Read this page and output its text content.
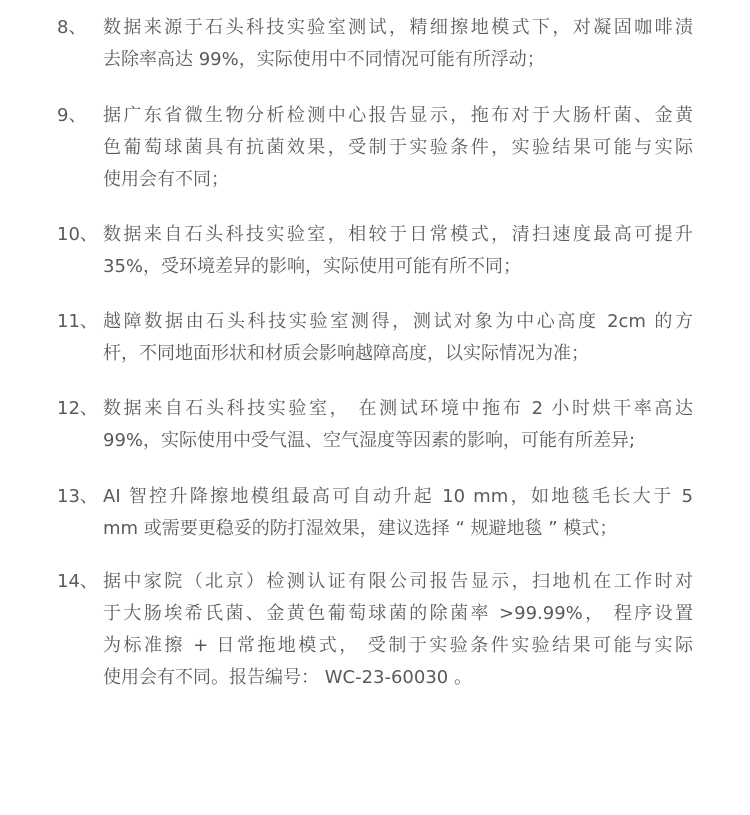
8、 数据来源于石头科技实验室测试，精细擦地模式下，对凝固咖啡渍
去除率高达 99%，实际使用中不同情况可能有所浮动；
9、 据广东省微生物分析检测中心报告显示，拖布对于大肠杆菌、金黄
色葡萄球菌具有抗菌效果，受制于实验条件，实验结果可能与实际
使用会有不同；
10、 数据来自石头科技实验室，相较于日常模式，清扫速度最高可提升
35%，受环境差异的影响，实际使用可能有所不同；
11、 越障数据由石头科技实验室测得，测试对象为中心高度 2cm 的方
杆，不同地面形状和材质会影响越障高度，以实际情况为准；
12、 数据来自石头科技实验室， 在测试环境中拖布 2 小时烘干率高达
99%，实际使用中受气温、空气湿度等因素的影响，可能有所差异;
13、 AI 智控升降擦地模组最高可自动升起 10 mm，如地毯毛长大于 5
mm 或需要更稳妥的防打湿效果，建议选择 “ 规避地毯 ” 模式；
14、 据中家院（北京）检测认证有限公司报告显示，扫地机在工作时对
于大肠埃希氏菌、金黄色葡萄球菌的除菌率 >99.99%， 程序设置
为标准擦 + 日常拖地模式， 受制于实验条件实验结果可能与实际
使用会有不同。报告编号： WC-23-60030 。
